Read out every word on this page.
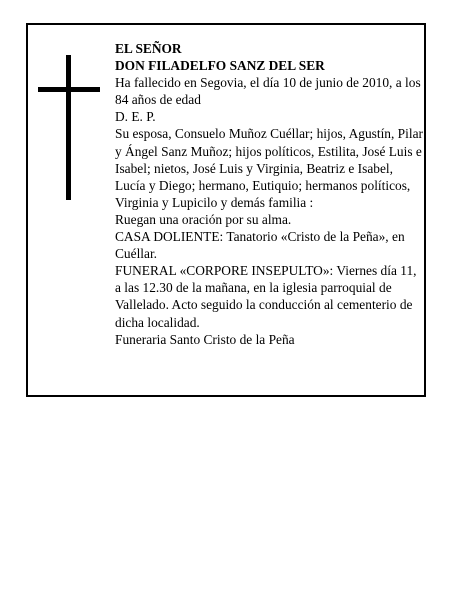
EL SEÑOR

DON FILADELFO SANZ DEL SER

Ha fallecido en Segovia, el día 10 de junio de 2010, a los 84 años de edad

D. E. P.

Su esposa, Consuelo Muñoz Cuéllar; hijos, Agustín, Pilar y Ángel Sanz Muñoz; hijos políticos, Estilita, José Luis e Isabel; nietos, José Luis y Virginia, Beatriz e Isabel, Lucía y Diego; hermano, Eutiquio; hermanos políticos, Virginia y Lupicilo y demás familia :

Ruegan una oración por su alma.

CASA DOLIENTE: Tanatorio «Cristo de la Peña», en Cuéllar.

FUNERAL «CORPORE INSEPULTO»: Viernes día 11, a las 12.30 de la mañana, en la iglesia parroquial de Vallelado. Acto seguido la conducción al cementerio de dicha localidad.

Funeraria Santo Cristo de la Peña
